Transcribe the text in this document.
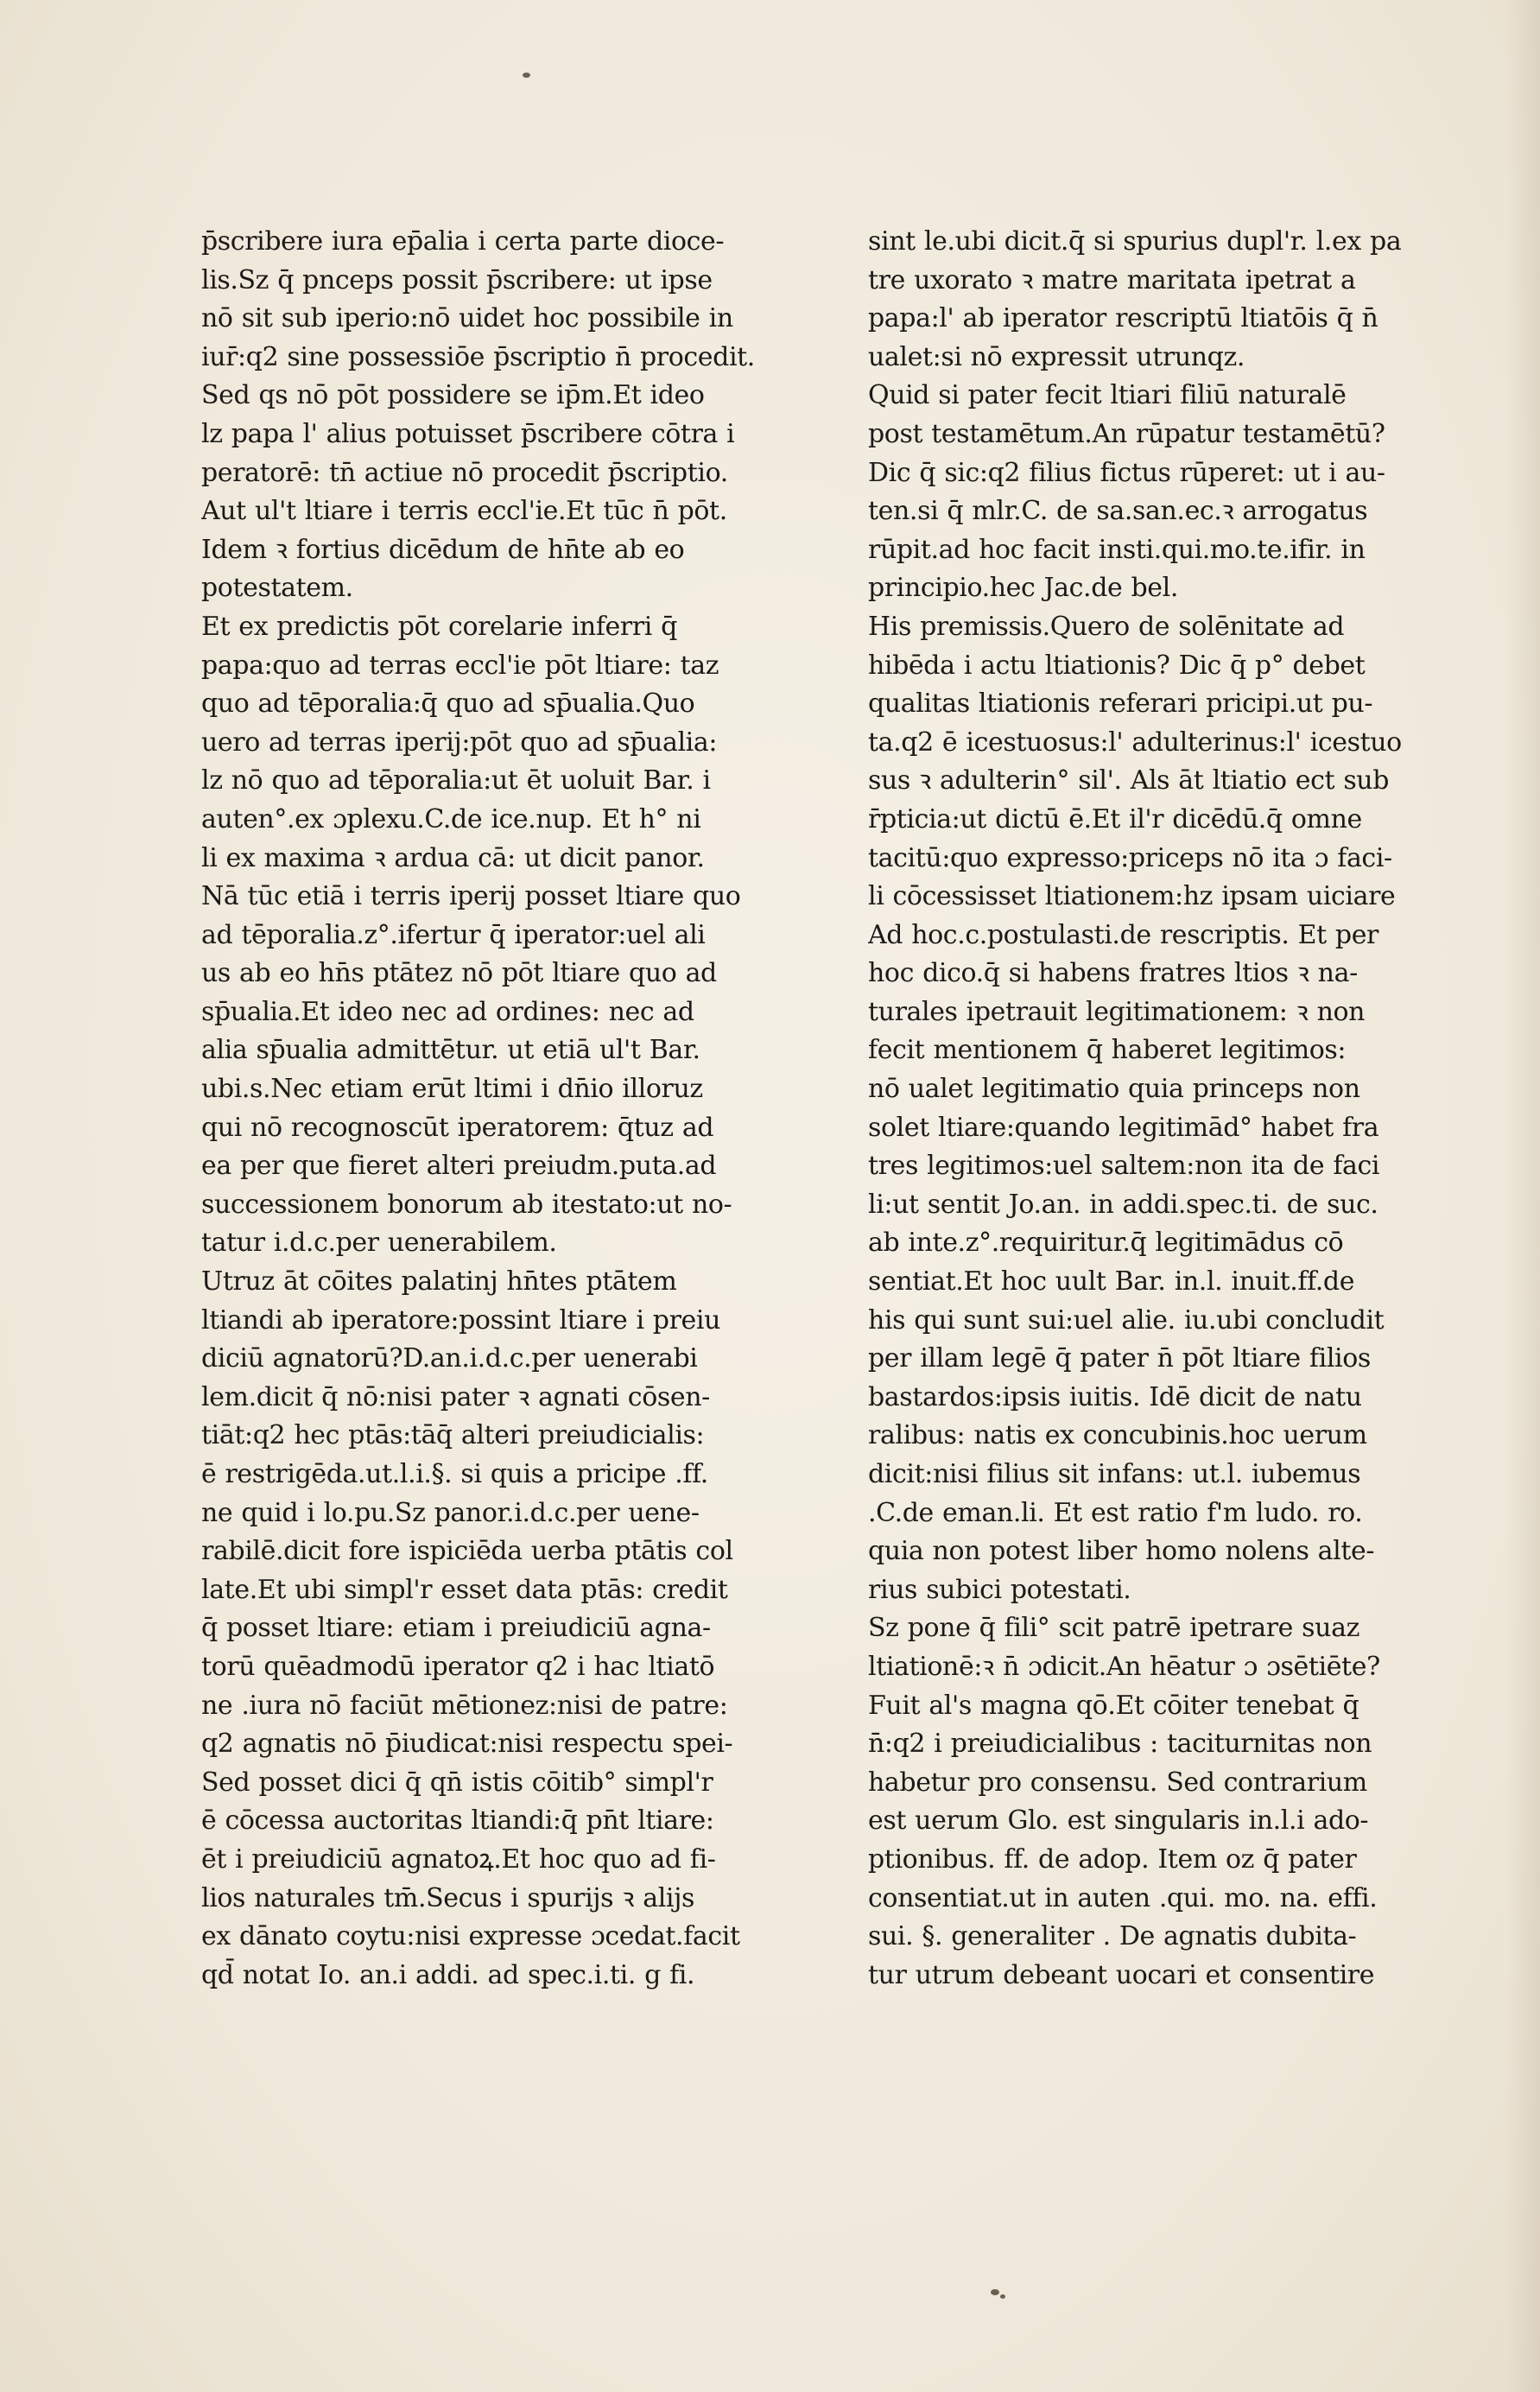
p̄scribere iura ep̄alia i certa parte dioce-
lis.Sz q̄ pnceps possit p̄scribere: ut ipse
nō sit sub iperio:nō uidet hoc possibile in
iur̄:q2 sine possessiōe p̄scriptio n̄ procedit.
Sed qs nō pōt possidere se ip̄m.Et ideo
lz papa l' alius potuisset p̄scribere cōtra i
peratorē: tn̄ actiue nō procedit p̄scriptio.
Aut ul't ltiare i terris eccl'ie.Et tūc n̄ pōt.
Idem ꝛ fortius dicēdum de hn̄te ab eo
potestatem.
Et ex predictis pōt corelarie inferri q̄
papa:quo ad terras eccl'ie pōt ltiare: taz
quo ad tēporalia:q̄ quo ad sp̄ualia.Quo
uero ad terras iperij:pōt quo ad sp̄ualia:
lz nō quo ad tēporalia:ut ēt uoluit Bar. i
auten°.ex ɔplexu.C.de ice.nup. Et h° ni
li ex maxima ꝛ ardua cā: ut dicit panor.
Nā tūc etiā i terris iperij posset ltiare quo
ad tēporalia.z°.ifertur q̄ iperator:uel ali
us ab eo hn̄s ptātez nō pōt ltiare quo ad
sp̄ualia.Et ideo nec ad ordines: nec ad
alia sp̄ualia admittētur. ut etiā ul't Bar.
ubi.s.Nec etiam erūt ltimi i dn̄io illoruz
qui nō recognoscūt iperatorem: q̄tuz ad
ea per que fieret alteri preiudm.puta.ad
successionem bonorum ab itestato:ut no-
tatur i.d.c.per uenerabilem.
Utruz āt cōites palatinj hn̄tes ptātem
ltiandi ab iperatore:possint ltiare i preiu
diciū agnatorū?D.an.i.d.c.per uenerabi
lem.dicit q̄ nō:nisi pater ꝛ agnati cōsen-
tiāt:q2 hec ptās:tāq̄ alteri preiudicialis:
ē restrigēda.ut.l.i.§. si quis a pricipe .ff.
ne quid i lo.pu.Sz panor.i.d.c.per uene-
rabilē.dicit fore ispiciēda uerba ptātis col
late.Et ubi simpl'r esset data ptās: credit
q̄ posset ltiare: etiam i preiudiciū agna-
torū quēadmodū iperator q2 i hac ltiatō
ne .iura nō faciūt mētionez:nisi de patre:
q2 agnatis nō p̄iudicat:nisi respectu spei-
Sed posset dici q̄ qn̄ istis cōitib° simpl'r
ē cōcessa auctoritas ltiandi:q̄ pn̄t ltiare:
ēt i preiudiciū agnatoꝝ.Et hoc quo ad fi-
lios naturales tm̄.Secus i spurijs ꝛ alijs
ex dānato coytu:nisi expresse ɔcedat.facit
qd̄ notat Io. an.i addi. ad spec.i.ti. g fi.
sint le.ubi dicit.q̄ si spurius dupl'r. l.ex pa
tre uxorato ꝛ matre maritata ipetrat a
papa:l' ab iperator rescriptū ltiatōis q̄ n̄
ualet:si nō expressit utrunqz.
Quid si pater fecit ltiari filiū naturalē
post testamētum.An rūpatur testamētū?
Dic q̄ sic:q2 filius fictus rūperet: ut i au-
ten.si q̄ mlr.C. de sa.san.ec.ꝛ arrogatus
rūpit.ad hoc facit insti.qui.mo.te.ifir. in
principio.hec Jac.de bel.
His premissis.Quero de solēnitate ad
hibēda i actu ltiationis? Dic q̄ p° debet
qualitas ltiationis referari pricipi.ut pu-
ta.q2 ē icestuosus:l' adulterinus:l' icestuo
sus ꝛ adulterin° sil'. Als āt ltiatio ect sub
r̄pticia:ut dictū ē.Et il'r dicēdū.q̄ omne
tacitū:quo expresso:priceps nō ita ɔ faci-
li cōcessisset ltiationem:hz ipsam uiciare
Ad hoc.c.postulasti.de rescriptis. Et per
hoc dico.q̄ si habens fratres ltios ꝛ na-
turales ipetrauit legitimationem: ꝛ non
fecit mentionem q̄ haberet legitimos:
nō ualet legitimatio quia princeps non
solet ltiare:quando legitimād° habet fra
tres legitimos:uel saltem:non ita de faci
li:ut sentit Jo.an. in addi.spec.ti. de suc.
ab inte.z°.requiritur.q̄ legitimādus cō
sentiat.Et hoc uult Bar. in.l. inuit.ff.de
his qui sunt sui:uel alie. iu.ubi concludit
per illam legē q̄ pater n̄ pōt ltiare filios
bastardos:ipsis iuitis. Idē dicit de natu
ralibus: natis ex concubinis.hoc uerum
dicit:nisi filius sit infans: ut.l. iubemus
.C.de eman.li. Et est ratio f'm ludo. ro.
quia non potest liber homo nolens alte-
rius subici potestati.
Sz pone q̄ fili° scit patrē ipetrare suaz
ltiationē:ꝛ n̄ ɔdicit.An hēatur ɔ ɔsētiēte?
Fuit al's magna qō.Et cōiter tenebat q̄
n̄:q2 i preiudicialibus : taciturnitas non
habetur pro consensu. Sed contrarium
est uerum Glo. est singularis in.l.i ado-
ptionibus. ff. de adop. Item oz q̄ pater
consentiat.ut in auten .qui. mo. na. effi.
sui. §. generaliter . De agnatis dubita-
tur utrum debeant uocari et consentire
